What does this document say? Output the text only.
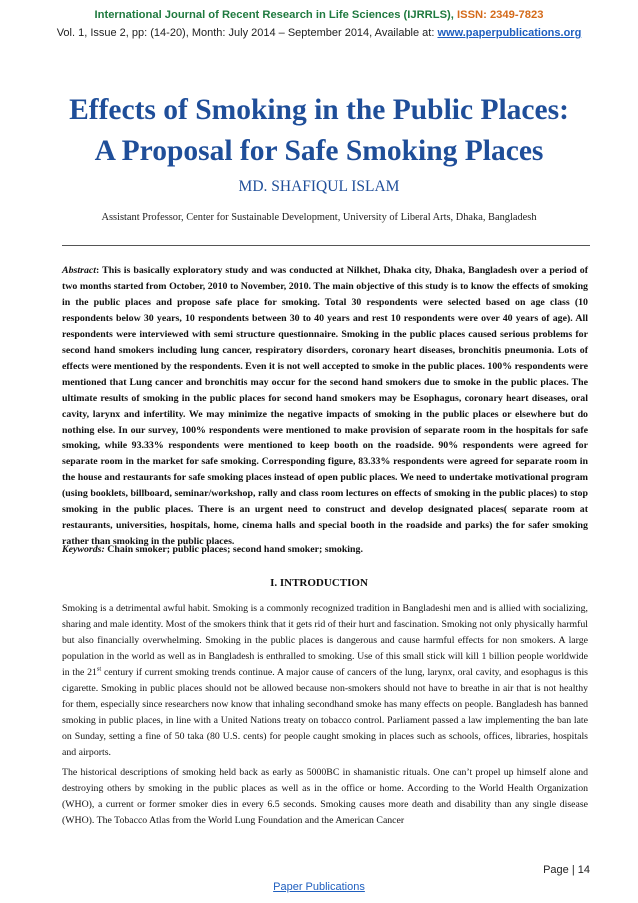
International Journal of Recent Research in Life Sciences (IJRRLS), ISSN: 2349-7823
Vol. 1, Issue 2, pp: (14-20), Month: July 2014 – September 2014, Available at: www.paperpublications.org
Effects of Smoking in the Public Places:
A Proposal for Safe Smoking Places
MD. SHAFIQUL ISLAM
Assistant Professor, Center for Sustainable Development, University of Liberal Arts, Dhaka, Bangladesh
Abstract: This is basically exploratory study and was conducted at Nilkhet, Dhaka city, Dhaka, Bangladesh over a period of two months started from October, 2010 to November, 2010. The main objective of this study is to know the effects of smoking in the public places and propose safe place for smoking. Total 30 respondents were selected based on age class (10 respondents below 30 years, 10 respondents between 30 to 40 years and rest 10 respondents were over 40 years of age). All respondents were interviewed with semi structure questionnaire. Smoking in the public places caused serious problems for second hand smokers including lung cancer, respiratory disorders, coronary heart diseases, bronchitis pneumonia. Lots of effects were mentioned by the respondents. Even it is not well accepted to smoke in the public places. 100% respondents were mentioned that Lung cancer and bronchitis may occur for the second hand smokers due to smoke in the public places. The ultimate results of smoking in the public places for second hand smokers may be Esophagus, coronary heart diseases, oral cavity, larynx and infertility. We may minimize the negative impacts of smoking in the public places or elsewhere but do nothing else. In our survey, 100% respondents were mentioned to make provision of separate room in the hospitals for safe smoking, while 93.33% respondents were mentioned to keep booth on the roadside. 90% respondents were agreed for separate room in the market for safe smoking. Corresponding figure, 83.33% respondents were agreed for separate room in the house and restaurants for safe smoking places instead of open public places. We need to undertake motivational program (using booklets, billboard, seminar/workshop, rally and class room lectures on effects of smoking in the public places) to stop smoking in the public places. There is an urgent need to construct and develop designated places( separate room at restaurants, universities, hospitals, home, cinema halls and special booth in the roadside and parks) the for safer smoking rather than smoking in the public places.
Keywords: Chain smoker; public places; second hand smoker; smoking.
I. INTRODUCTION
Smoking is a detrimental awful habit. Smoking is a commonly recognized tradition in Bangladeshi men and is allied with socializing, sharing and male identity. Most of the smokers think that it gets rid of their hurt and fascination. Smoking not only physically harmful but also financially overwhelming. Smoking in the public places is dangerous and cause harmful effects for non smokers. A large population in the world as well as in Bangladesh is enthralled to smoking. Use of this small stick will kill 1 billion people worldwide in the 21st century if current smoking trends continue. A major cause of cancers of the lung, larynx, oral cavity, and esophagus is this cigarette. Smoking in public places should not be allowed because non-smokers should not have to breathe in air that is not healthy for them, especially since researchers now know that inhaling secondhand smoke has many effects on people. Bangladesh has banned smoking in public places, in line with a United Nations treaty on tobacco control. Parliament passed a law implementing the ban late on Sunday, setting a fine of 50 taka (80 U.S. cents) for people caught smoking in places such as schools, offices, libraries, hospitals and airports.
The historical descriptions of smoking held back as early as 5000BC in shamanistic rituals. One can’t propel up himself alone and destroying others by smoking in the public places as well as in the office or home. According to the World Health Organization (WHO), a current or former smoker dies in every 6.5 seconds. Smoking causes more death and disability than any single disease (WHO). The Tobacco Atlas from the World Lung Foundation and the American Cancer
Page | 14
Paper Publications
